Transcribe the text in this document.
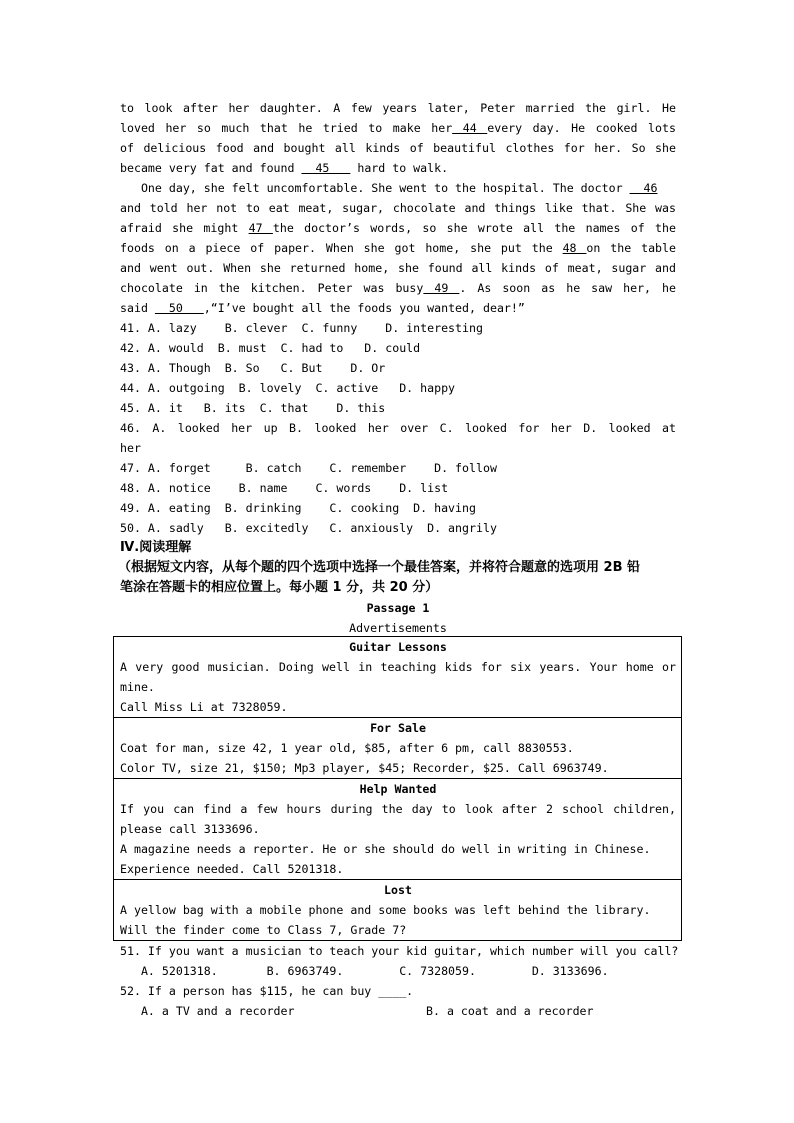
to look after her daughter. A few years later, Peter married the girl. He
loved her so much that he tried to make her 44 every day. He cooked lots
of delicious food and bought all kinds of beautiful clothes for her. So she
became very fat and found   45    hard to walk.
One day, she felt uncomfortable. She went to the hospital. The doctor   46
and told her not to eat meat, sugar, chocolate and things like that. She was
afraid she might 47 the doctor’s words, so she wrote all the names of the
foods on a piece of paper. When she got home, she put the 48 on the table
and went out. When she returned home, she found all kinds of meat, sugar and
chocolate in the kitchen. Peter was busy 49 . As soon as he saw her, he
said   50   ,“I’ve bought all the foods you wanted, dear!”
41. A. lazy    B. clever  C. funny    D. interesting
42. A. would  B. must  C. had to   D. could
43. A. Though  B. So   C. But    D. Or
44. A. outgoing  B. lovely  C. active   D. happy
45. A. it   B. its  C. that    D. this
46. A. looked her up B. looked her over C. looked for her D. looked at
her
47. A. forget     B. catch    C. remember    D. follow
48. A. notice    B. name    C. words    D. list
49. A. eating  B. drinking    C. cooking  D. having
50. A. sadly   B. excitedly   C. anxiously  D. angrily
Ⅳ.阅读理解
（根据短文内容，从每个题的四个选项中选择一个最佳答案，并将符合题意的选项用 2B 铅
笔涂在答题卡的相应位置上。每小题 1 分，共 20 分）
Passage 1
Advertisements
Guitar Lessons
A very good musician. Doing well in teaching kids for six years. Your home or
mine.
Call Miss Li at 7328059.

For Sale
Coat for man, size 42, 1 year old, $85, after 6 pm, call 8830553.
Color TV, size 21, $150; Mp3 player, $45; Recorder, $25. Call 6963749.

Help Wanted
If you can find a few hours during the day to look after 2 school children,
please call 3133696.
A magazine needs a reporter. He or she should do well in writing in Chinese.
Experience needed. Call 5201318.

Lost
A yellow bag with a mobile phone and some books was left behind the library.
Will the finder come to Class 7, Grade 7?
51. If you want a musician to teach your kid guitar, which number will you call?
A. 5201318.       B. 6963749.        C. 7328059.        D. 3133696.
52. If a person has $115, he can buy ____.
A. a TV and a recorder	B. a coat and a recorder
